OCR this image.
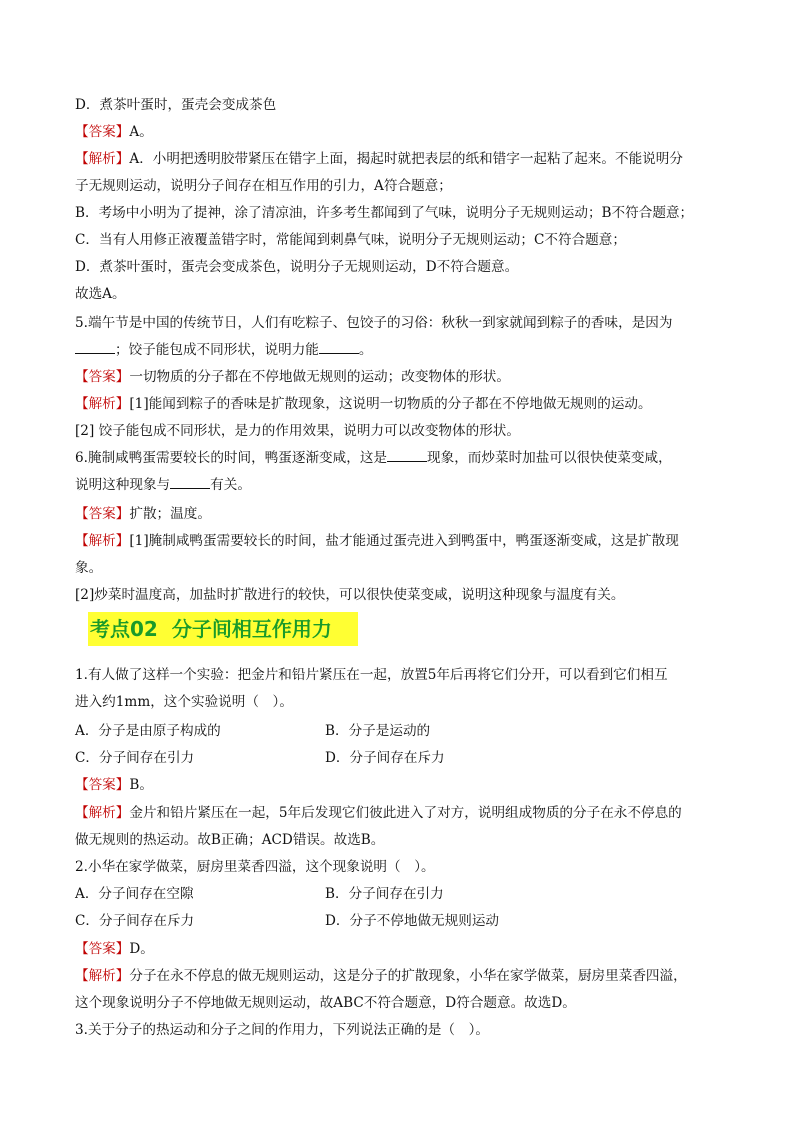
D．煮茶叶蛋时，蛋壳会变成茶色
【答案】A。
【解析】A．小明把透明胶带紧压在错字上面，揭起时就把表层的纸和错字一起粘了起来。不能说明分
子无规则运动，说明分子间存在相互作用的引力，A符合题意；
B．考场中小明为了提神，涂了清凉油，许多考生都闻到了气味，说明分子无规则运动；B不符合题意；
C．当有人用修正液覆盖错字时，常能闻到刺鼻气味，说明分子无规则运动；C不符合题意；
D．煮茶叶蛋时，蛋壳会变成茶色，说明分子无规则运动，D不符合题意。
故选A。
5.端午节是中国的传统节日，人们有吃粽子、包饺子的习俗：秋秋一到家就闻到粽子的香味，是因为
；饺子能包成不同形状，说明力能	。
【答案】一切物质的分子都在不停地做无规则的运动；改变物体的形状。
【解析】[1]能闻到粽子的香味是扩散现象，这说明一切物质的分子都在不停地做无规则的运动。
[2] 饺子能包成不同形状，是力的作用效果，说明力可以改变物体的形状。
6.腌制咸鸭蛋需要较长的时间，鸭蛋逐渐变咸，这是	现象，而炒菜时加盐可以很快使菜变咸，
说明这种现象与	有关。
【答案】扩散；温度。
【解析】[1]腌制咸鸭蛋需要较长的时间，盐才能通过蛋壳进入到鸭蛋中，鸭蛋逐渐变咸，这是扩散现
象。
[2]炒菜时温度高，加盐时扩散进行的较快，可以很快使菜变咸，说明这种现象与温度有关。
考点02 分子间相互作用力
1.有人做了这样一个实验：把金片和铅片紧压在一起，放置5年后再将它们分开，可以看到它们相互
进入约1mm，这个实验说明（　）。
A．分子是由原子构成的	B．分子是运动的
C．分子间存在引力	D．分子间存在斥力
【答案】B。
【解析】金片和铅片紧压在一起，5年后发现它们彼此进入了对方，说明组成物质的分子在永不停息的
做无规则的热运动。故B正确；ACD错误。故选B。
2.小华在家学做菜，厨房里菜香四溢，这个现象说明（　）。
A．分子间存在空隙	B．分子间存在引力
C．分子间存在斥力	D．分子不停地做无规则运动
【答案】D。
【解析】分子在永不停息的做无规则运动，这是分子的扩散现象，小华在家学做菜，厨房里菜香四溢，
这个现象说明分子不停地做无规则运动，故ABC不符合题意，D符合题意。故选D。
3.关于分子的热运动和分子之间的作用力，下列说法正确的是（　）。
